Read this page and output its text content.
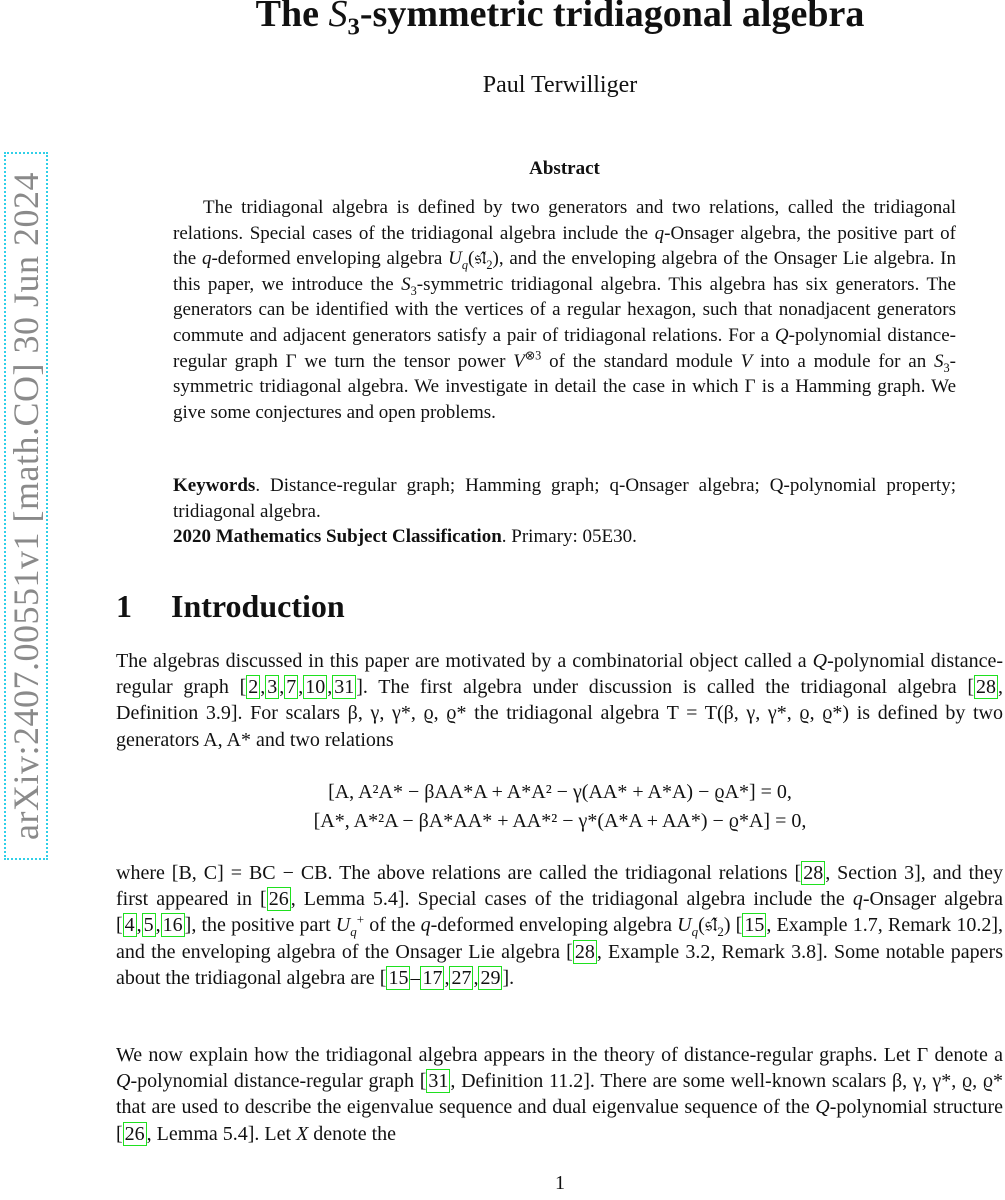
arXiv:2407.00551v1 [math.CO] 30 Jun 2024
The $S_3$-symmetric tridiagonal algebra
Paul Terwilliger
Abstract
The tridiagonal algebra is defined by two generators and two relations, called the tridiagonal relations. Special cases of the tridiagonal algebra include the q-Onsager algebra, the positive part of the q-deformed enveloping algebra $U_q(𝔰𝔩̂_2)$, and the enveloping algebra of the Onsager Lie algebra. In this paper, we introduce the $S_3$-symmetric tridiagonal algebra. This algebra has six generators. The generators can be identified with the vertices of a regular hexagon, such that nonadjacent generators commute and adjacent generators satisfy a pair of tridiagonal relations. For a Q-polynomial distance-regular graph Γ we turn the tensor power $V^{\otimes 3}$ of the standard module V into a module for an $S_3$-symmetric tridiagonal algebra. We investigate in detail the case in which Γ is a Hamming graph. We give some conjectures and open problems.
Keywords. Distance-regular graph; Hamming graph; q-Onsager algebra; Q-polynomial property; tridiagonal algebra.
2020 Mathematics Subject Classification. Primary: 05E30.
1 Introduction
The algebras discussed in this paper are motivated by a combinatorial object called a Q-polynomial distance-regular graph [ 2 , 3 , 7 , 10 , 31 ]. The first algebra under discussion is called the tridiagonal algebra [ 28 , Definition 3.9]. For scalars β, γ, γ*, ϱ, ϱ* the tridiagonal algebra T = T(β, γ, γ*, ϱ, ϱ*) is defined by two generators A, A* and two relations
[A, A²A* − βAA*A + A*A² − γ(AA* + A*A) − ϱA*] = 0,
[A*, A*²A − βA*AA* + AA*² − γ*(A*A + AA*) − ϱ*A] = 0,
where [B, C] = BC − CB. The above relations are called the tridiagonal relations [ 28 , Section 3], and they first appeared in [ 26 , Lemma 5.4]. Special cases of the tridiagonal algebra include the q-Onsager algebra [ 4 , 5 , 16 ], the positive part $U_q^+$ of the q-deformed enveloping algebra $U_q(𝔰𝔩̂_2)$ [ 15 , Example 1.7, Remark 10.2], and the enveloping algebra of the Onsager Lie algebra [ 28 , Example 3.2, Remark 3.8]. Some notable papers about the tridiagonal algebra are [ 15 – 17 , 27 , 29 ].
We now explain how the tridiagonal algebra appears in the theory of distance-regular graphs. Let Γ denote a Q-polynomial distance-regular graph [ 31 , Definition 11.2]. There are some well-known scalars β, γ, γ*, ϱ, ϱ* that are used to describe the eigenvalue sequence and dual eigenvalue sequence of the Q-polynomial structure [ 26 , Lemma 5.4]. Let X denote the
1
